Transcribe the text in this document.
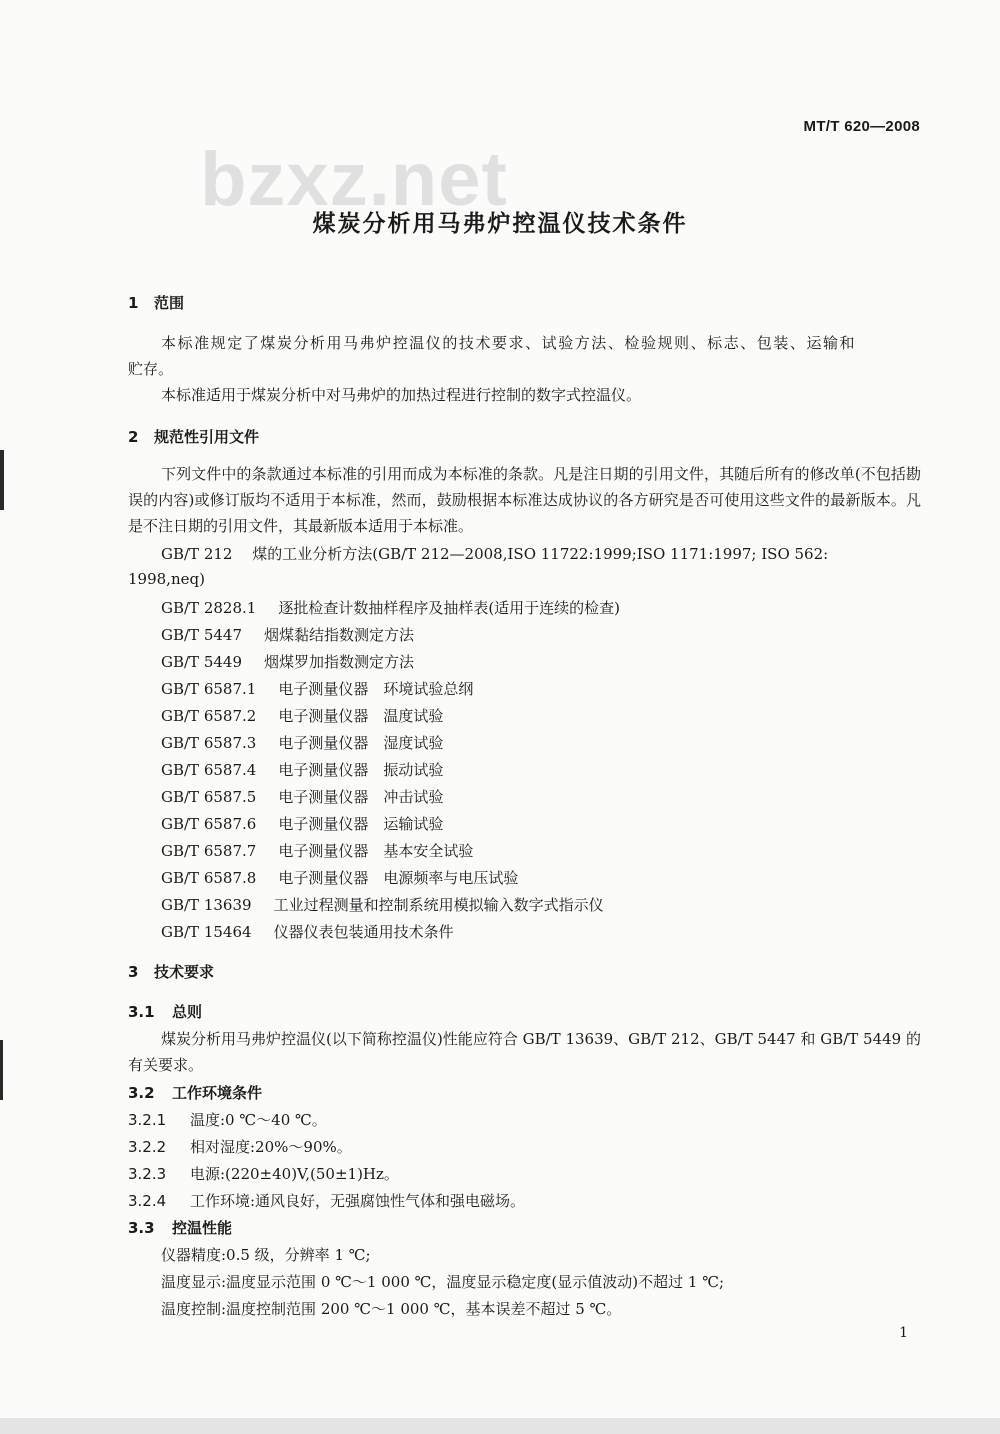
MT/T 620—2008
bzxz.net
煤炭分析用马弗炉控温仪技术条件
1 范围
本标准规定了煤炭分析用马弗炉控温仪的技术要求、试验方法、检验规则、标志、包装、运输和
贮存。
本标准适用于煤炭分析中对马弗炉的加热过程进行控制的数字式控温仪。
2 规范性引用文件
下列文件中的条款通过本标准的引用而成为本标准的条款。凡是注日期的引用文件，其随后所有的修改单(不包括勘误的内容)或修订版均不适用于本标准，然而，鼓励根据本标准达成协议的各方研究是否可使用这些文件的最新版本。凡是不注日期的引用文件，其最新版本适用于本标准。
GB/T 212　 煤的工业分析方法(GB/T 212—2008,ISO 11722:1999;ISO 1171:1997; ISO 562:
1998,neq)
GB/T 2828.1 逐批检查计数抽样程序及抽样表(适用于连续的检查)
GB/T 5447 烟煤黏结指数测定方法
GB/T 5449 烟煤罗加指数测定方法
GB/T 6587.1 电子测量仪器　环境试验总纲
GB/T 6587.2 电子测量仪器　温度试验
GB/T 6587.3 电子测量仪器　湿度试验
GB/T 6587.4 电子测量仪器　振动试验
GB/T 6587.5 电子测量仪器　冲击试验
GB/T 6587.6 电子测量仪器　运输试验
GB/T 6587.7 电子测量仪器　基本安全试验
GB/T 6587.8 电子测量仪器　电源频率与电压试验
GB/T 13639 工业过程测量和控制系统用模拟输入数字式指示仪
GB/T 15464 仪器仪表包装通用技术条件
3 技术要求
3.1 总则
煤炭分析用马弗炉控温仪(以下简称控温仪)性能应符合 GB/T 13639、GB/T 212、GB/T 5447 和 GB/T 5449 的有关要求。
3.2 工作环境条件
3.2.1 温度:0 ℃～40 ℃。
3.2.2 相对湿度:20%～90%。
3.2.3 电源:(220±40)V,(50±1)Hz。
3.2.4 工作环境:通风良好，无强腐蚀性气体和强电磁场。
3.3 控温性能
仪器精度:0.5 级，分辨率 1 ℃;
温度显示:温度显示范围 0 ℃～1 000 ℃，温度显示稳定度(显示值波动)不超过 1 ℃;
温度控制:温度控制范围 200 ℃～1 000 ℃，基本误差不超过 5 ℃。
1
